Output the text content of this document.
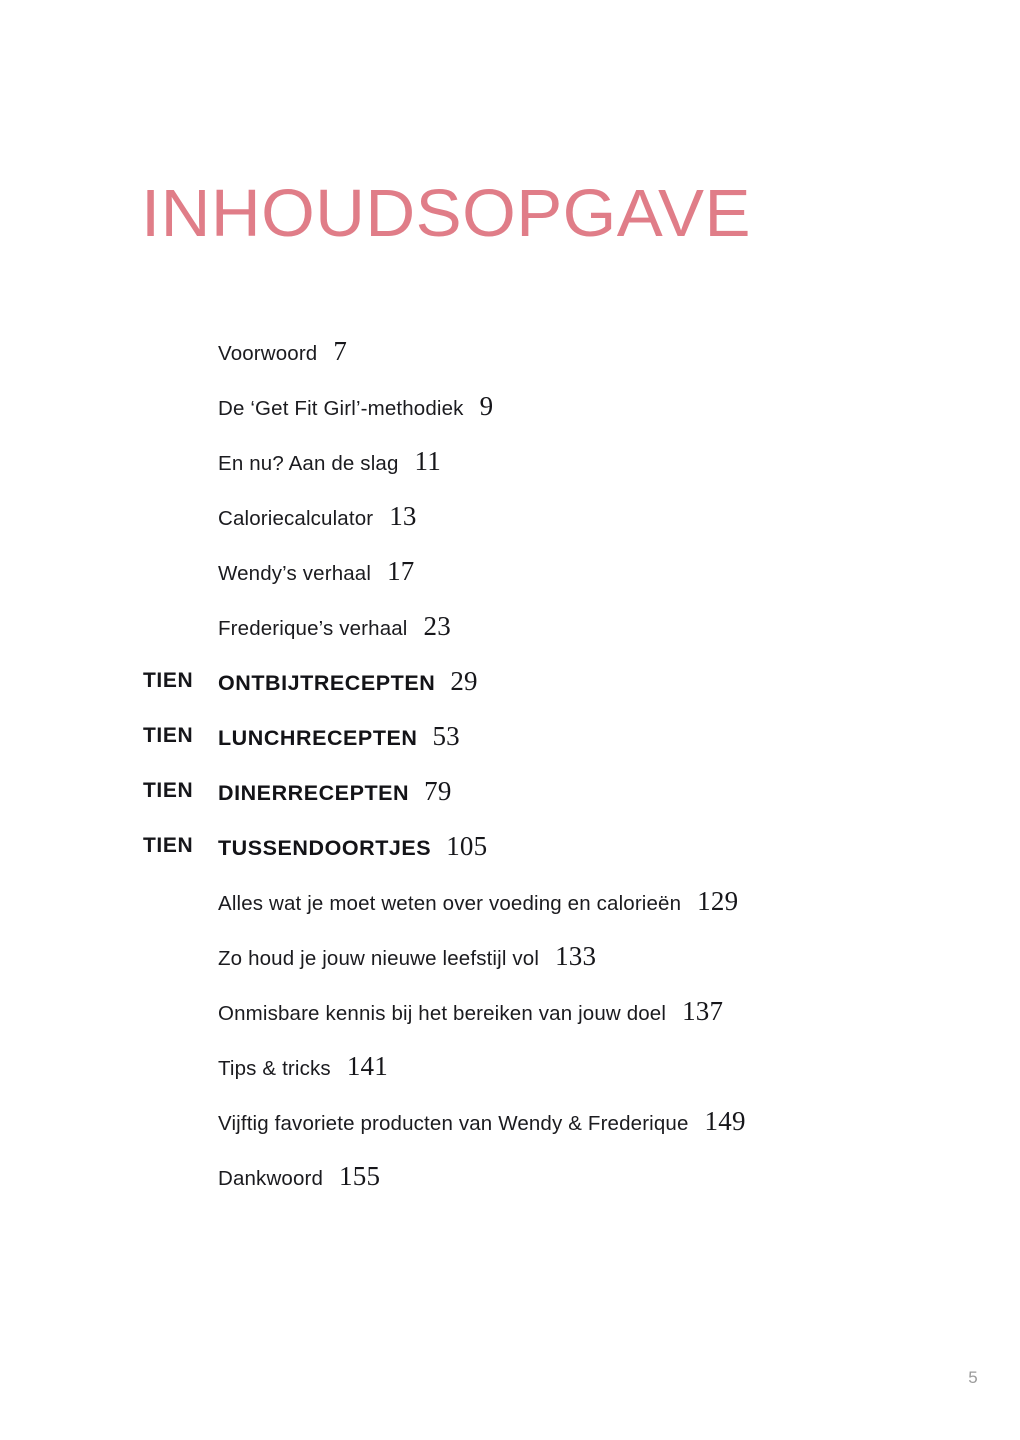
INHOUDSOPGAVE
Voorwoord 7
De ‘Get Fit Girl’-methodiek 9
En nu? Aan de slag 11
Caloriecalculator 13
Wendy’s verhaal 17
Frederique’s verhaal 23
TIEN	ONTBIJTRECEPTEN 29
TIEN	LUNCHRECEPTEN 53
TIEN	DINERRECEPTEN 79
TIEN	TUSSENDOORTJES 105
Alles wat je moet weten over voeding en calorieën 129
Zo houd je jouw nieuwe leefstijl vol 133
Onmisbare kennis bij het bereiken van jouw doel 137
Tips & tricks 141
Vijftig favoriete producten van Wendy & Frederique 149
Dankwoord 155
5
